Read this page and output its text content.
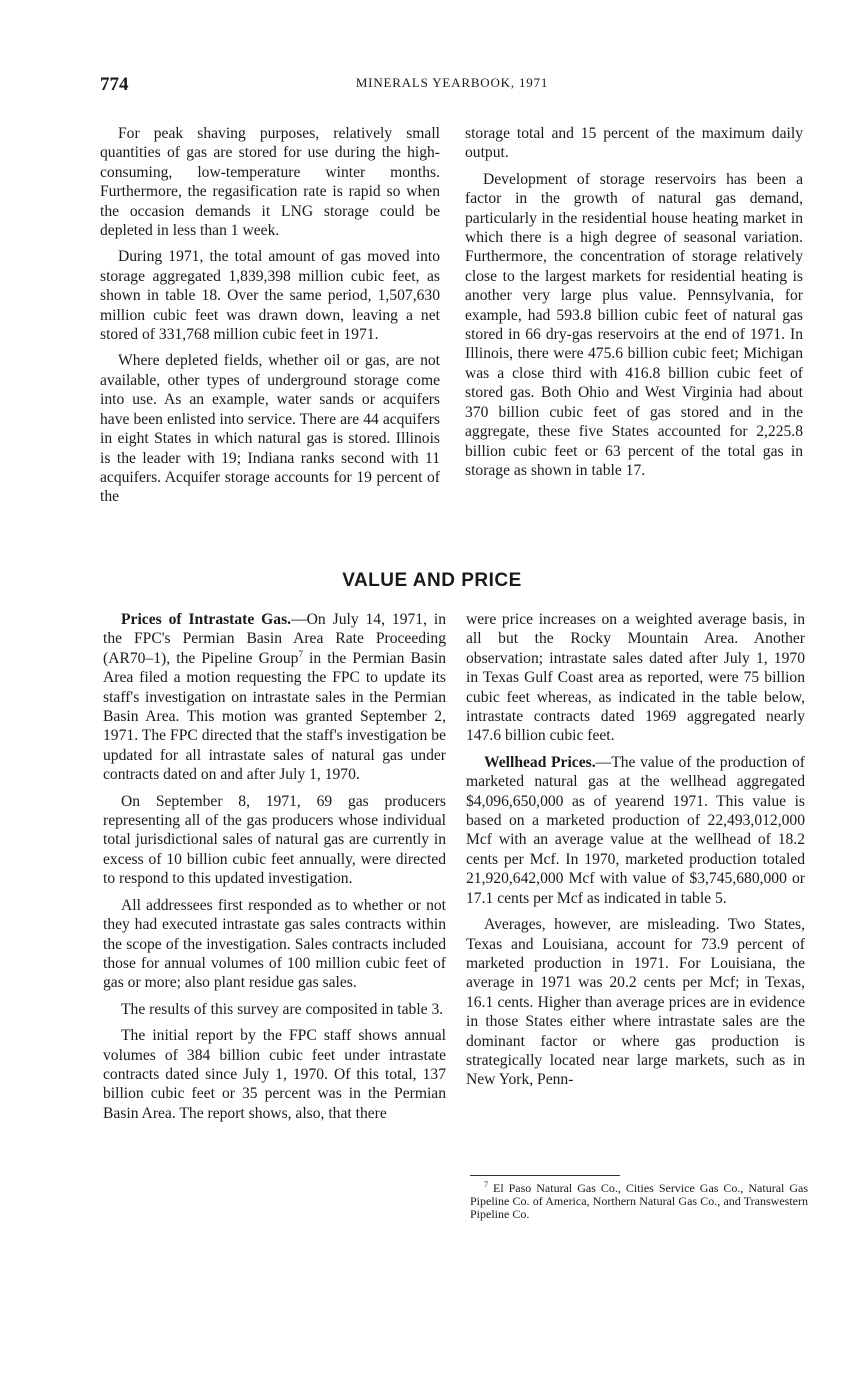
774	MINERALS YEARBOOK, 1971

For peak shaving purposes, relatively small quantities of gas are stored for use during the high-consuming, low-temperature winter months. Furthermore, the regasification rate is rapid so when the occasion demands it LNG storage could be depleted in less than 1 week.

During 1971, the total amount of gas moved into storage aggregated 1,839,398 million cubic feet, as shown in table 18. Over the same period, 1,507,630 million cubic feet was drawn down, leaving a net stored of 331,768 million cubic feet in 1971.

Where depleted fields, whether oil or gas, are not available, other types of underground storage come into use. As an example, water sands or acquifers have been enlisted into service. There are 44 acquifers in eight States in which natural gas is stored. Illinois is the leader with 19; Indiana ranks second with 11 acquifers. Acquifer storage accounts for 19 percent of the

storage total and 15 percent of the maximum daily output.

Development of storage reservoirs has been a factor in the growth of natural gas demand, particularly in the residential house heating market in which there is a high degree of seasonal variation. Furthermore, the concentration of storage relatively close to the largest markets for residential heating is another very large plus value. Pennsylvania, for example, had 593.8 billion cubic feet of natural gas stored in 66 dry-gas reservoirs at the end of 1971. In Illinois, there were 475.6 billion cubic feet; Michigan was a close third with 416.8 billion cubic feet of stored gas. Both Ohio and West Virginia had about 370 billion cubic feet of gas stored and in the aggregate, these five States accounted for 2,225.8 billion cubic feet or 63 percent of the total gas in storage as shown in table 17.

VALUE AND PRICE

Prices of Intrastate Gas.—On July 14, 1971, in the FPC's Permian Basin Area Rate Proceeding (AR70–1), the Pipeline Group$^7$ in the Permian Basin Area filed a motion requesting the FPC to update its staff's investigation on intrastate sales in the Permian Basin Area. This motion was granted September 2, 1971. The FPC directed that the staff's investigation be updated for all intrastate sales of natural gas under contracts dated on and after July 1, 1970.

On September 8, 1971, 69 gas producers representing all of the gas producers whose individual total jurisdictional sales of natural gas are currently in excess of 10 billion cubic feet annually, were directed to respond to this updated investigation.

All addressees first responded as to whether or not they had executed intrastate gas sales contracts within the scope of the investigation. Sales contracts included those for annual volumes of 100 million cubic feet of gas or more; also plant residue gas sales.

The results of this survey are composited in table 3.

The initial report by the FPC staff shows annual volumes of 384 billion cubic feet under intrastate contracts dated since July 1, 1970. Of this total, 137 billion cubic feet or 35 percent was in the Permian Basin Area. The report shows, also, that there

were price increases on a weighted average basis, in all but the Rocky Mountain Area. Another observation; intrastate sales dated after July 1, 1970 in Texas Gulf Coast area as reported, were 75 billion cubic feet whereas, as indicated in the table below, intrastate contracts dated 1969 aggregated nearly 147.6 billion cubic feet.

Wellhead Prices.—The value of the production of marketed natural gas at the wellhead aggregated $4,096,650,000 as of yearend 1971. This value is based on a marketed production of 22,493,012,000 Mcf with an average value at the wellhead of 18.2 cents per Mcf. In 1970, marketed production totaled 21,920,642,000 Mcf with value of $3,745,680,000 or 17.1 cents per Mcf as indicated in table 5.

Averages, however, are misleading. Two States, Texas and Louisiana, account for 73.9 percent of marketed production in 1971. For Louisiana, the average in 1971 was 20.2 cents per Mcf; in Texas, 16.1 cents. Higher than average prices are in evidence in those States either where intrastate sales are the dominant factor or where gas production is strategically located near large markets, such as in New York, Penn-

$^7$ El Paso Natural Gas Co., Cities Service Gas Co., Natural Gas Pipeline Co. of America, Northern Natural Gas Co., and Transwestern Pipeline Co.
